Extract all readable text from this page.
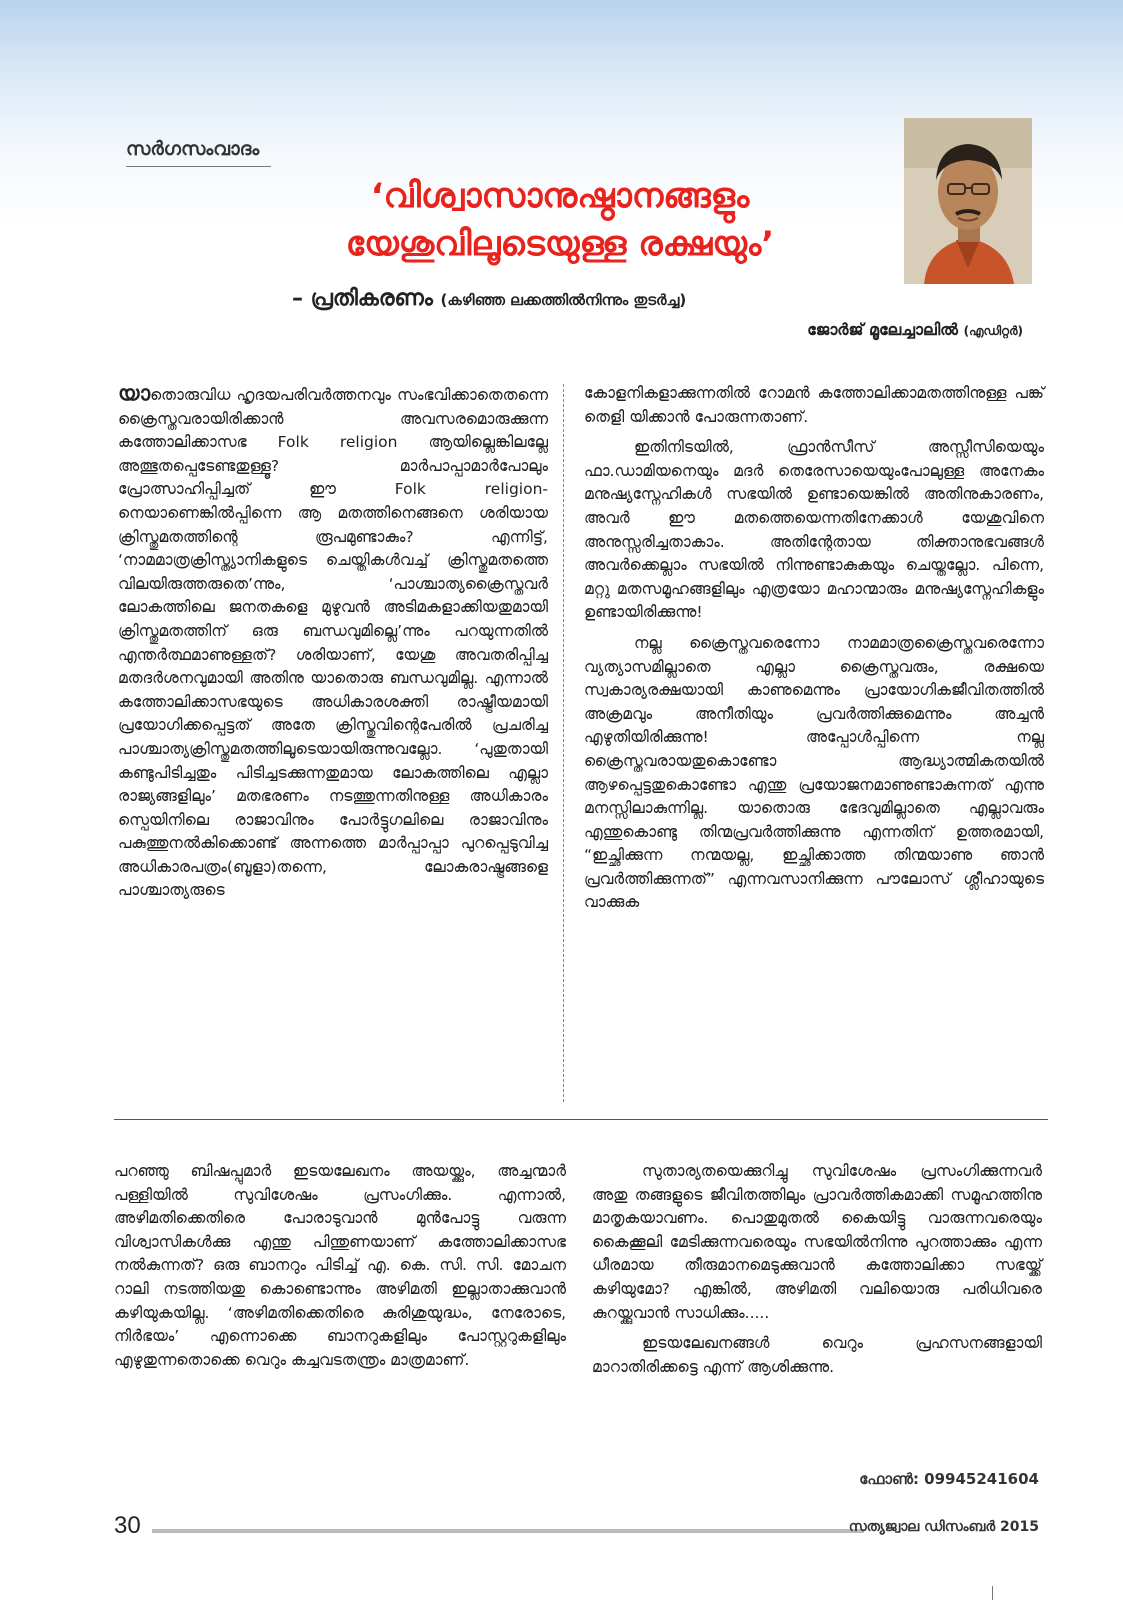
സർഗസംവാദം
‘വിശ്വാസാനുഷ്ഠാനങ്ങളും
യേശുവിലൂടെയുള്ള രക്ഷയും’
– പ്രതികരണം (കഴിഞ്ഞ ലക്കത്തിൽനിന്നും തുടർച്ച)
ജോർജ് മൂലേച്ചാലിൽ (എഡിറ്റർ)

യാതൊരുവിധ ഹൃദയപരിവർത്തനവും സംഭവിക്കാതെതന്നെ ക്രൈസ്തവരായിരിക്കാൻ അവസരമൊരുക്കുന്ന കത്തോലിക്കാസഭ Folk religion ആയില്ലെങ്കിലല്ലേ അത്ഭുതപ്പെടേണ്ടതുള്ളൂ? മാർപാപ്പാമാർപോലും പ്രോത്സാഹിപ്പിച്ചത് ഈ Folk religion-നെയാണെങ്കിൽപ്പിന്നെ ആ മതത്തിനെങ്ങനെ ശരിയായ ക്രിസ്തുമതത്തിന്റെ രൂപമുണ്ടാകും? എന്നിട്ട്, ‘നാമമാത്രക്രിസ്ത്യാനികളുടെ ചെയ്തികൾവച്ച് ക്രിസ്തുമതത്തെ വിലയിരുത്തരുതെ’ന്നും, ‘പാശ്ചാത്യക്രൈസ്തവർ ലോകത്തിലെ ജനതകളെ മുഴുവൻ അടിമകളാക്കിയതുമായി ക്രിസ്തുമതത്തിന് ഒരു ബന്ധവുമില്ലെ’ന്നും പറയുന്നതിൽ എന്തർത്ഥമാണുള്ളത്? ശരിയാണ്, യേശു അവതരിപ്പിച്ച മതദർശനവുമായി അതിനു യാതൊരു ബന്ധവുമില്ല. എന്നാൽ കത്തോലിക്കാസഭയുടെ അധികാരശക്തി രാഷ്ട്രീയമായി പ്രയോഗിക്കപ്പെട്ടത് അതേ ക്രിസ്തുവിന്റെപേരിൽ പ്രചരിച്ച പാശ്ചാത്യക്രിസ്തുമതത്തിലൂടെയായിരുന്നുവല്ലോ. ‘പുതുതായി കണ്ടുപിടിച്ചതും പിടിച്ചടക്കുന്നതുമായ ലോകത്തിലെ എല്ലാ രാജ്യങ്ങളിലും’ മതഭരണം നടത്തുന്നതിനുള്ള അധികാരം സ്പെയിനിലെ രാജാവിനും പോർട്ടുഗലിലെ രാജാവിനും പകുത്തുനൽകിക്കൊണ്ട് അന്നത്തെ മാർപ്പാപ്പാ പുറപ്പെടുവിച്ച അധികാരപത്രം(ബൂളാ)തന്നെ, ലോകരാഷ്ട്രങ്ങളെ പാശ്ചാത്യരുടെ

കോളനികളാക്കുന്നതിൽ റോമൻ കത്തോലിക്കാമതത്തിനുള്ള പങ്ക് തെളി യിക്കാൻ പോരുന്നതാണ്.

ഇതിനിടയിൽ, ഫ്രാൻസീസ് അസ്സീസിയെയും ഫാ.ഡാമിയനെയും മദർ തെരേസായെയുംപോലുള്ള അനേകം മനുഷ്യസ്നേഹികൾ സഭയിൽ ഉണ്ടായെങ്കിൽ അതിനുകാരണം, അവർ ഈ മതത്തെയെന്നതിനേക്കാൾ യേശുവിനെ അനുസ്സരിച്ചതാകാം. അതിന്റേതായ തിക്താനുഭവങ്ങൾ അവർക്കെല്ലാം സഭയിൽ നിന്നുണ്ടാകുകയും ചെയ്തല്ലോ. പിന്നെ, മറ്റു മതസമൂഹങ്ങളിലും എത്രയോ മഹാന്മാരും മനുഷ്യസ്നേഹികളും ഉണ്ടായിരിക്കുന്നു!

നല്ല ക്രൈസ്തവരെന്നോ നാമമാത്രക്രൈസ്തവരെന്നോ വ്യത്യാസമില്ലാതെ എല്ലാ ക്രൈസ്തവരും, രക്ഷയെ സ്വകാര്യരക്ഷയായി കാണുമെന്നും പ്രായോഗികജീവിതത്തിൽ അക്രമവും അനീതിയും പ്രവർത്തിക്കുമെന്നും അച്ചൻ എഴുതിയിരിക്കുന്നു! അപ്പോൾപ്പിന്നെ നല്ല ക്രൈസ്തവരായതുകൊണ്ടോ ആദ്ധ്യാത്മികതയിൽ ആഴപ്പെട്ടതുകൊണ്ടോ എന്തു പ്രയോജനമാണുണ്ടാകുന്നത് എന്നു മനസ്സിലാകുന്നില്ല. യാതൊരു ഭേദവുമില്ലാതെ എല്ലാവരും എന്തുകൊണ്ടു തിന്മപ്രവർത്തിക്കുന്നു എന്നതിന് ഉത്തരമായി, “ഇച്ഛിക്കുന്ന നന്മയല്ല, ഇച്ഛിക്കാത്ത തിന്മയാണു ഞാൻ പ്രവർത്തിക്കുന്നത്” എന്നവസാനിക്കുന്ന പൗലോസ് ശ്ലീഹായുടെ വാക്കുക

പറഞ്ഞു ബിഷപ്പുമാർ ഇടയലേഖനം അയയ്ക്കും, അച്ചന്മാർ പള്ളിയിൽ സുവിശേഷം പ്രസംഗിക്കും. എന്നാൽ, അഴിമതിക്കെതിരെ പോരാടുവാൻ മുൻപോട്ടു വരുന്ന വിശ്വാസികൾക്കു എന്തു പിന്തുണയാണ് കത്തോലിക്കാസഭ നൽകുന്നത്? ഒരു ബാനറും പിടിച്ച് എ. കെ. സി. സി. മോചന റാലി നടത്തിയതു കൊണ്ടൊന്നും അഴിമതി ഇല്ലാതാക്കുവാൻ കഴിയുകയില്ല. ‘അഴിമതിക്കെതിരെ കുരിശുയുദ്ധം, നേരോടെ, നിർഭയം’ എന്നൊക്കെ ബാനറുകളിലും പോസ്റ്ററുകളിലും എഴുതുന്നതൊക്കെ വെറും കച്ചവടതന്ത്രം മാത്രമാണ്.

സുതാര്യതയെക്കുറിച്ചു സുവിശേഷം പ്രസംഗിക്കുന്നവർ അതു തങ്ങളുടെ ജീവിതത്തിലും പ്രാവർത്തികമാക്കി സമൂഹത്തിനു മാതൃകയാവണം. പൊതുമുതൽ കൈയിട്ടു വാരുന്നവരെയും കൈക്കൂലി മേടിക്കുന്നവരെയും സഭയിൽനിന്നു പുറത്താക്കും എന്ന ധീരമായ തീരുമാനമെടുക്കുവാൻ കത്തോലിക്കാ സഭയ്ക്ക് കഴിയുമോ? എങ്കിൽ, അഴിമതി വലിയൊരു പരിധിവരെ കുറയ്ക്കുവാൻ സാധിക്കും.....

ഇടയലേഖനങ്ങൾ വെറും പ്രഹസനങ്ങളായി മാറാതിരിക്കട്ടെ എന്ന് ആശിക്കുന്നു.

ഫോൺ: 09945241604
30	സത്യജ്വാല ഡിസംബർ 2015
